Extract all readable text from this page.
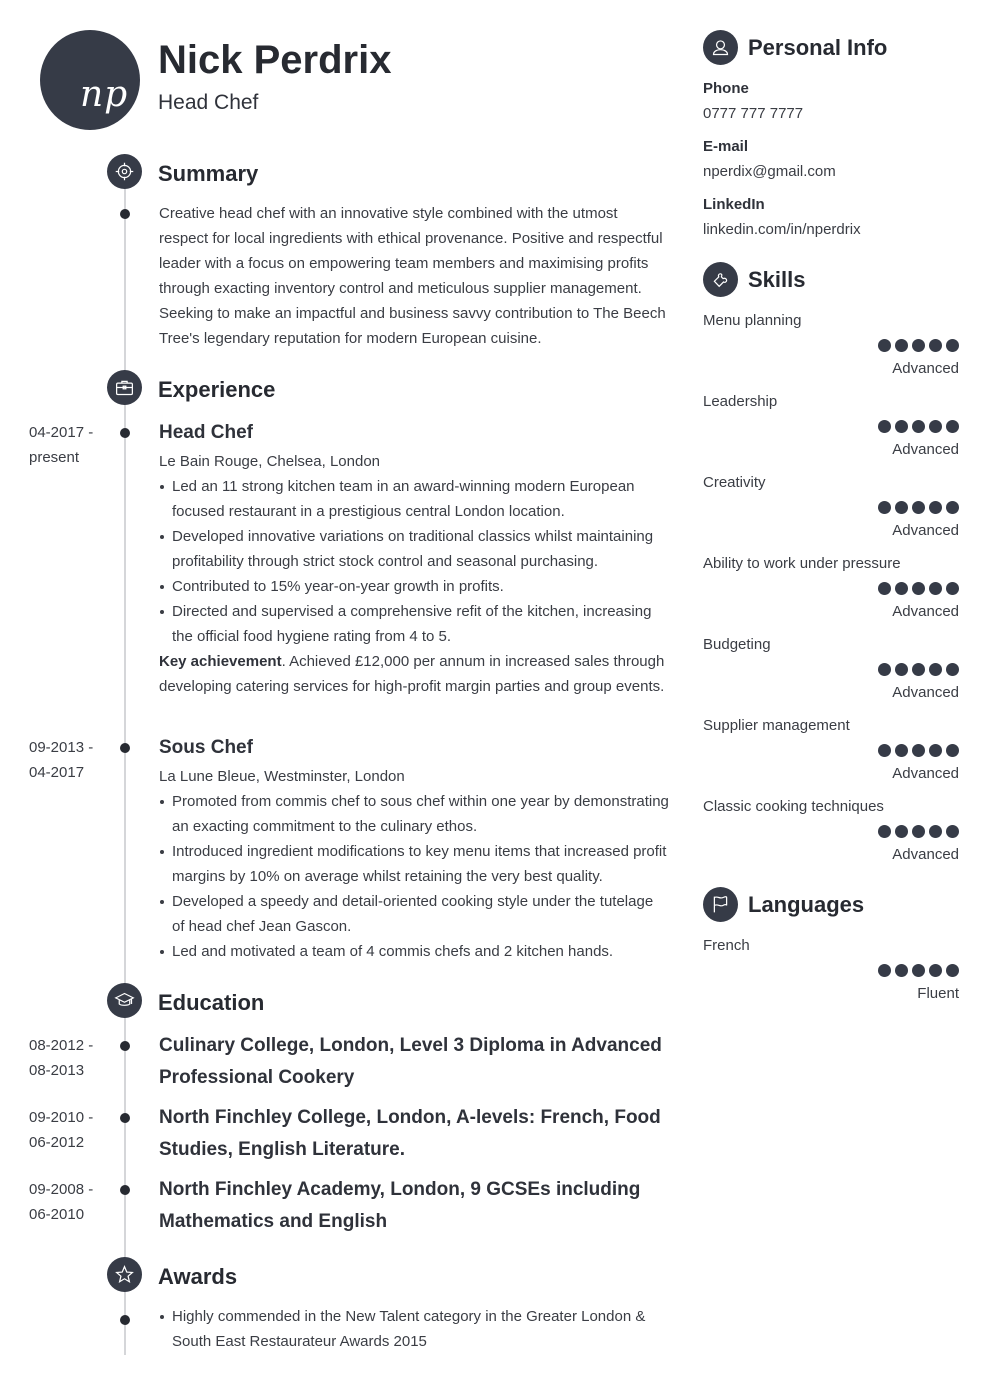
np
Nick Perdrix
Head Chef
Summary
Creative head chef with an innovative style combined with the utmost respect for local ingredients with ethical provenance. Positive and respectful leader with a focus on empowering team members and maximising profits through exacting inventory control and meticulous supplier management. Seeking to make an impactful and business savvy contribution to The Beech Tree's legendary reputation for modern European cuisine.
Experience
04-2017 -
present
Head Chef
Le Bain Rouge, Chelsea, London
Led an 11 strong kitchen team in an award-winning modern European focused restaurant in a prestigious central London location.
Developed innovative variations on traditional classics whilst maintaining profitability through strict stock control and seasonal purchasing.
Contributed to 15% year-on-year growth in profits.
Directed and supervised a comprehensive refit of the kitchen, increasing the official food hygiene rating from 4 to 5.
Key achievement. Achieved £12,000 per annum in increased sales through developing catering services for high-profit margin parties and group events.
09-2013 -
04-2017
Sous Chef
La Lune Bleue, Westminster, London
Promoted from commis chef to sous chef within one year by demonstrating an exacting commitment to the culinary ethos.
Introduced ingredient modifications to key menu items that increased profit margins by 10% on average whilst retaining the very best quality.
Developed a speedy and detail-oriented cooking style under the tutelage of head chef Jean Gascon.
Led and motivated a team of 4 commis chefs and 2 kitchen hands.
Education
08-2012 -
08-2013
Culinary College, London, Level 3 Diploma in Advanced Professional Cookery
09-2010 -
06-2012
North Finchley College, London, A-levels: French, Food Studies, English Literature.
09-2008 -
06-2010
North Finchley Academy, London, 9 GCSEs including Mathematics and English
Awards
Highly commended in the New Talent category in the Greater London & South East Restaurateur Awards 2015
Personal Info
Phone
0777 777 7777
E-mail
nperdix@gmail.com
LinkedIn
linkedin.com/in/nperdrix
Skills
Menu planning
Advanced
Leadership
Advanced
Creativity
Advanced
Ability to work under pressure
Advanced
Budgeting
Advanced
Supplier management
Advanced
Classic cooking techniques
Advanced
Languages
French
Fluent
